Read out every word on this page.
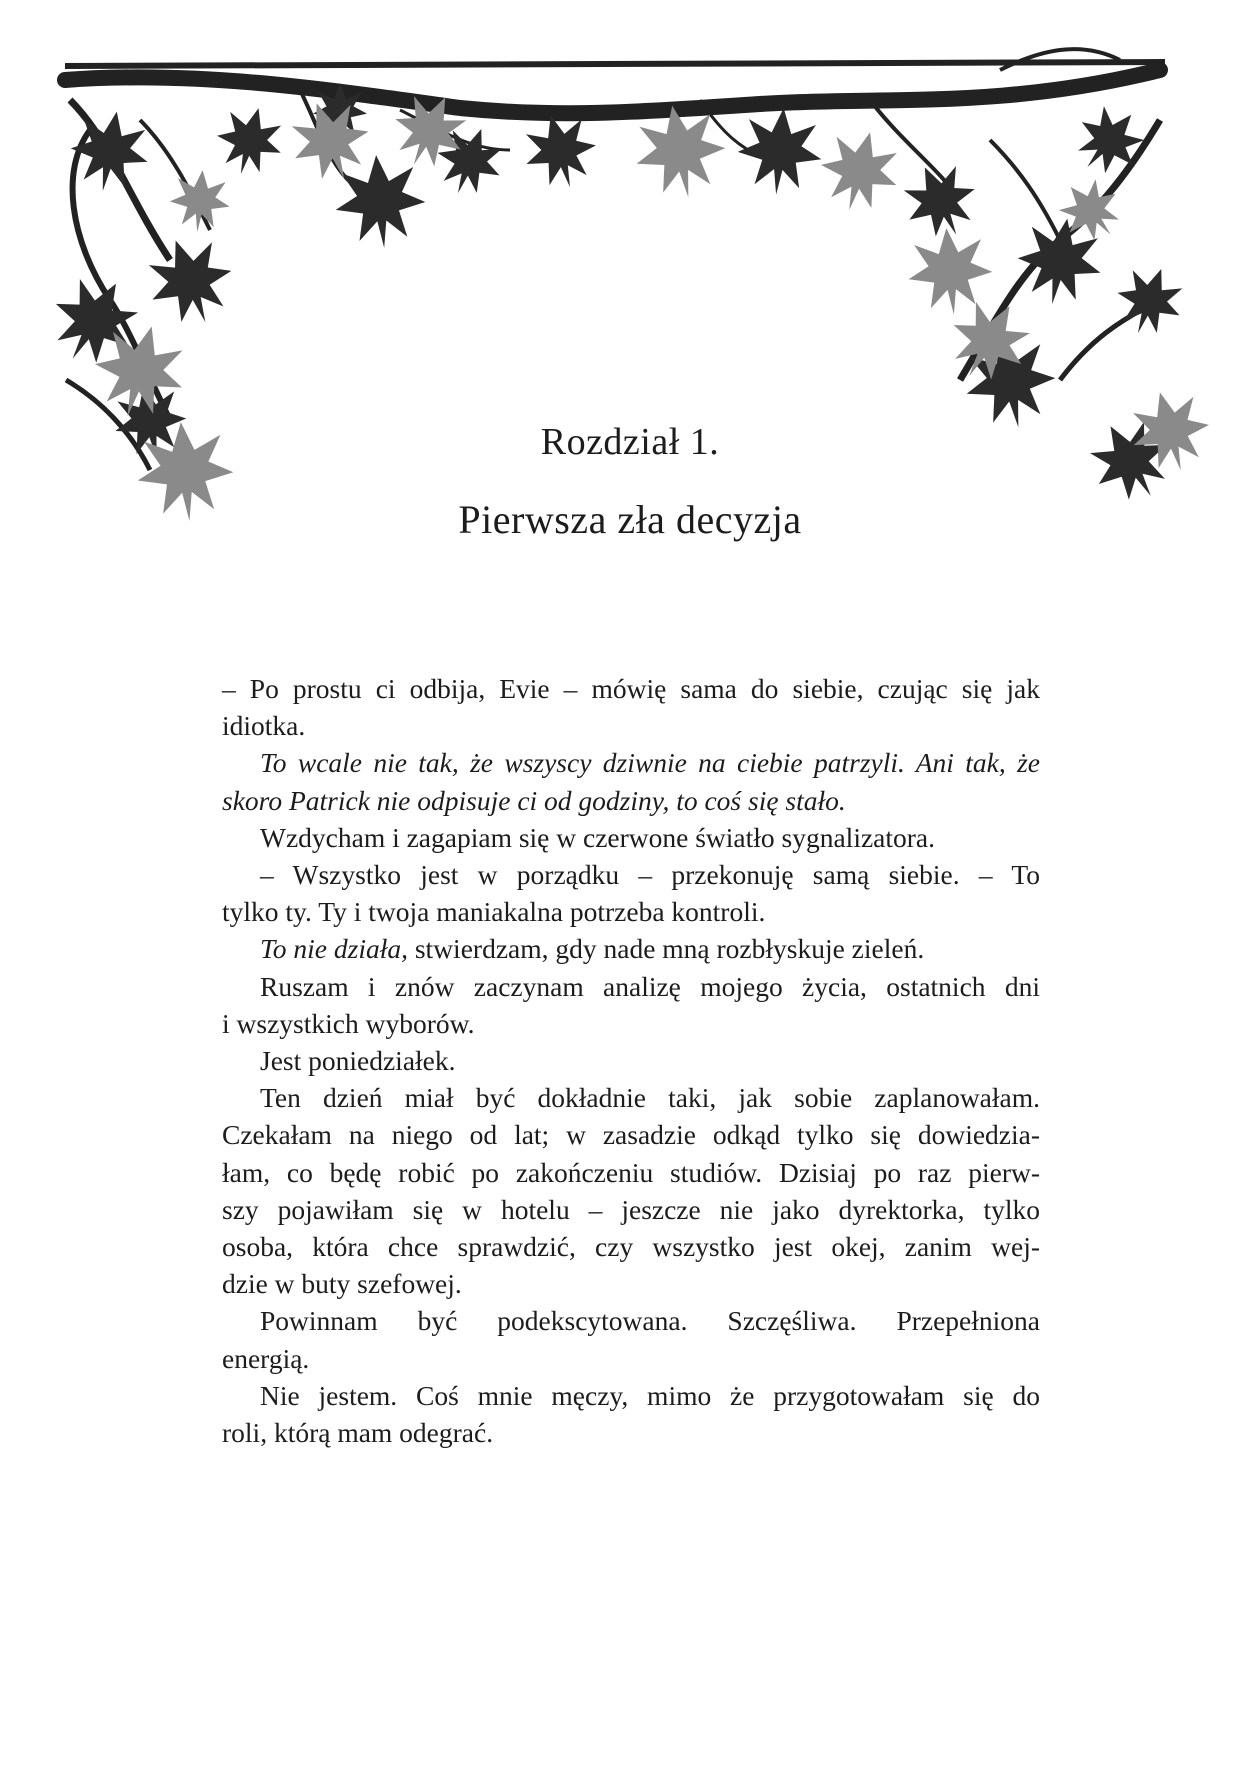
Rozdział 1.
Pierwsza zła decyzja
– Po prostu ci odbija, Evie – mówię sama do siebie, czując się jak
idiotka.
To wcale nie tak, że wszyscy dziwnie na ciebie patrzyli. Ani tak, że
skoro Patrick nie odpisuje ci od godziny, to coś się stało.
Wzdycham i zagapiam się w czerwone światło sygnalizatora.
– Wszystko jest w porządku – przekonuję samą siebie. – To
tylko ty. Ty i twoja maniakalna potrzeba kontroli.
To nie działa, stwierdzam, gdy nade mną rozbłyskuje zieleń.
Ruszam i znów zaczynam analizę mojego życia, ostatnich dni
i wszystkich wyborów.
Jest poniedziałek.
Ten dzień miał być dokładnie taki, jak sobie zaplanowałam.
Czekałam na niego od lat; w zasadzie odkąd tylko się dowiedzia-
łam, co będę robić po zakończeniu studiów. Dzisiaj po raz pierw-
szy pojawiłam się w hotelu – jeszcze nie jako dyrektorka, tylko
osoba, która chce sprawdzić, czy wszystko jest okej, zanim wej-
dzie w buty szefowej.
Powinnam być podekscytowana. Szczęśliwa. Przepełniona
energią.
Nie jestem. Coś mnie męczy, mimo że przygotowałam się do
roli, którą mam odegrać.
